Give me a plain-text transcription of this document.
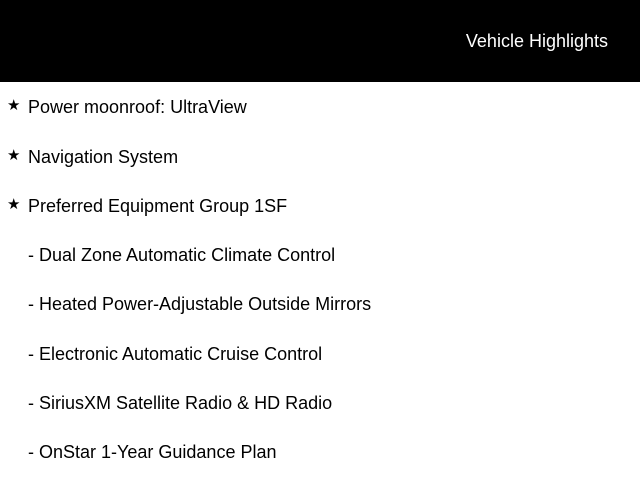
Vehicle Highlights
★ Power moonroof: UltraView
★ Navigation System
★ Preferred Equipment Group 1SF
- Dual Zone Automatic Climate Control
- Heated Power-Adjustable Outside Mirrors
- Electronic Automatic Cruise Control
- SiriusXM Satellite Radio & HD Radio
- OnStar 1-Year Guidance Plan
